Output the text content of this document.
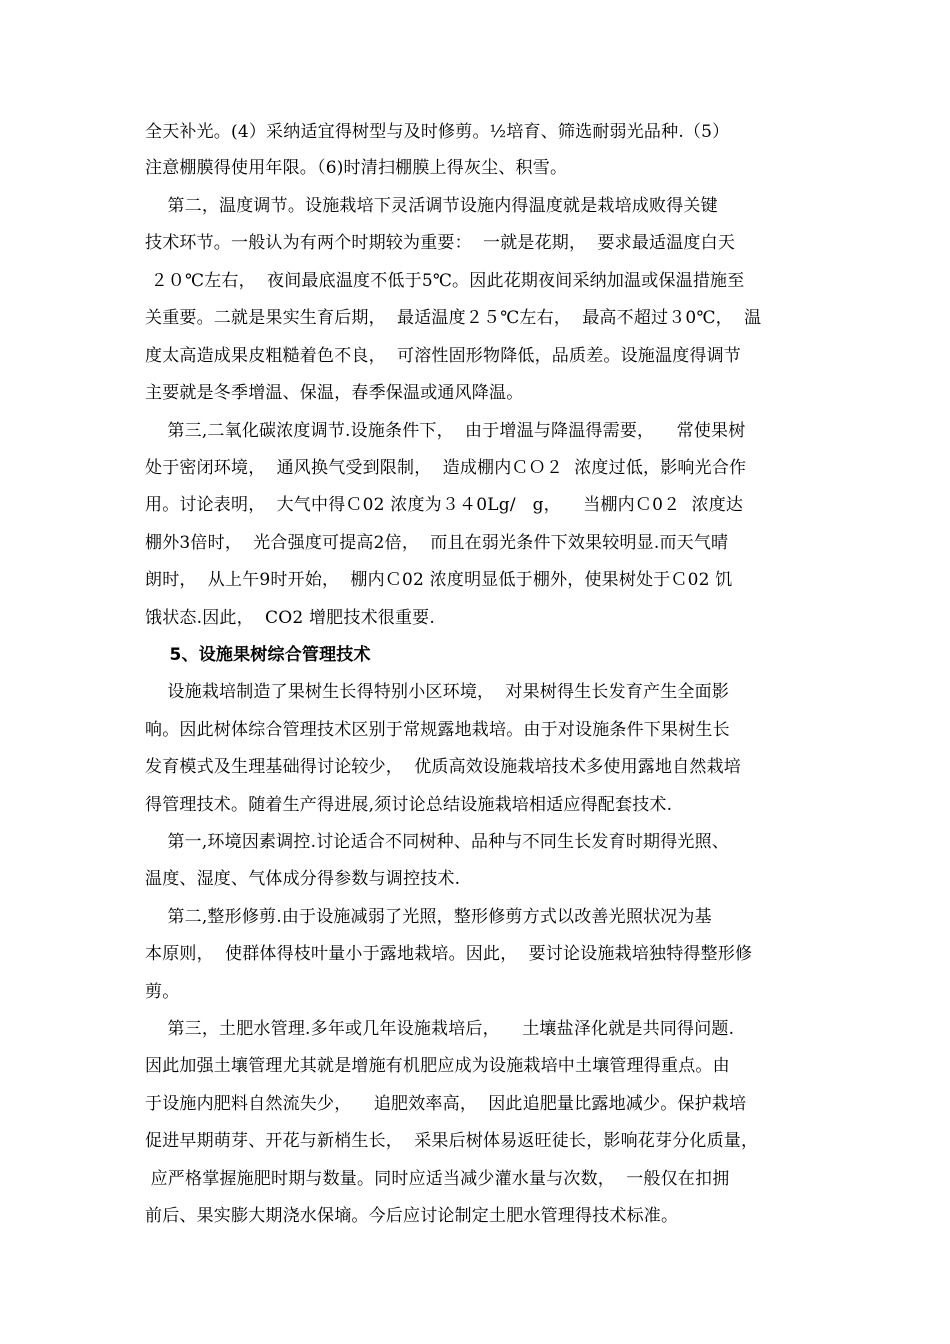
全天补光。(4）采纳适宜得树型与及时修剪。½培育、筛选耐弱光品种.（5）
注意棚膜得使用年限。（6)时清扫棚膜上得灰尘、积雪。
第二，温度调节。设施栽培下灵活调节设施内得温度就是栽培成败得关键
技术环节。一般认为有两个时期较为重要：  一就是花期，  要求最适温度白天
２０℃左右，  夜间最底温度不低于5℃。因此花期夜间采纳加温或保温措施至
关重要。二就是果实生育后期，  最适温度２５℃左右，  最高不超过３0℃，  温
度太高造成果皮粗糙着色不良，  可溶性固形物降低，品质差。设施温度得调节
主要就是冬季增温、保温，春季保温或通风降温。
第三,二氧化碳浓度调节.设施条件下，  由于增温与降温得需要，    常使果树
处于密闭环境，  通风换气受到限制，  造成棚内ＣＯ２  浓度过低，影响光合作
用。讨论表明，  大气中得Ｃ02 浓度为３４0Lg/   g，    当棚内Ｃ0２  浓度达
棚外3倍时，  光合强度可提高2倍，  而且在弱光条件下效果较明显.而天气晴
朗时，  从上午9时开始，  棚内Ｃ02 浓度明显低于棚外，使果树处于Ｃ02 饥
饿状态.因此，  CO2 增肥技术很重要.
5、设施果树综合管理技术
设施栽培制造了果树生长得特别小区环境，  对果树得生长发育产生全面影
响。因此树体综合管理技术区别于常规露地栽培。由于对设施条件下果树生长
发育模式及生理基础得讨论较少，  优质高效设施栽培技术多使用露地自然栽培
得管理技术。随着生产得进展,须讨论总结设施栽培相适应得配套技术.
第一,环境因素调控.讨论适合不同树种、品种与不同生长发育时期得光照、
温度、湿度、气体成分得参数与调控技术.
第二,整形修剪.由于设施减弱了光照，整形修剪方式以改善光照状况为基
本原则，  使群体得枝叶量小于露地栽培。因此，  要讨论设施栽培独特得整形修
剪。
第三，土肥水管理.多年或几年设施栽培后，    土壤盐泽化就是共同得问题.
因此加强土壤管理尤其就是增施有机肥应成为设施栽培中土壤管理得重点。由
于设施内肥料自然流失少，    追肥效率高，  因此追肥量比露地减少。保护栽培
促进早期萌芽、开花与新梢生长，  采果后树体易返旺徒长，影响花芽分化质量，
应严格掌握施肥时期与数量。同时应适当减少灌水量与次数，  一般仅在扣拥
前后、果实膨大期浇水保墒。今后应讨论制定土肥水管理得技术标准。
